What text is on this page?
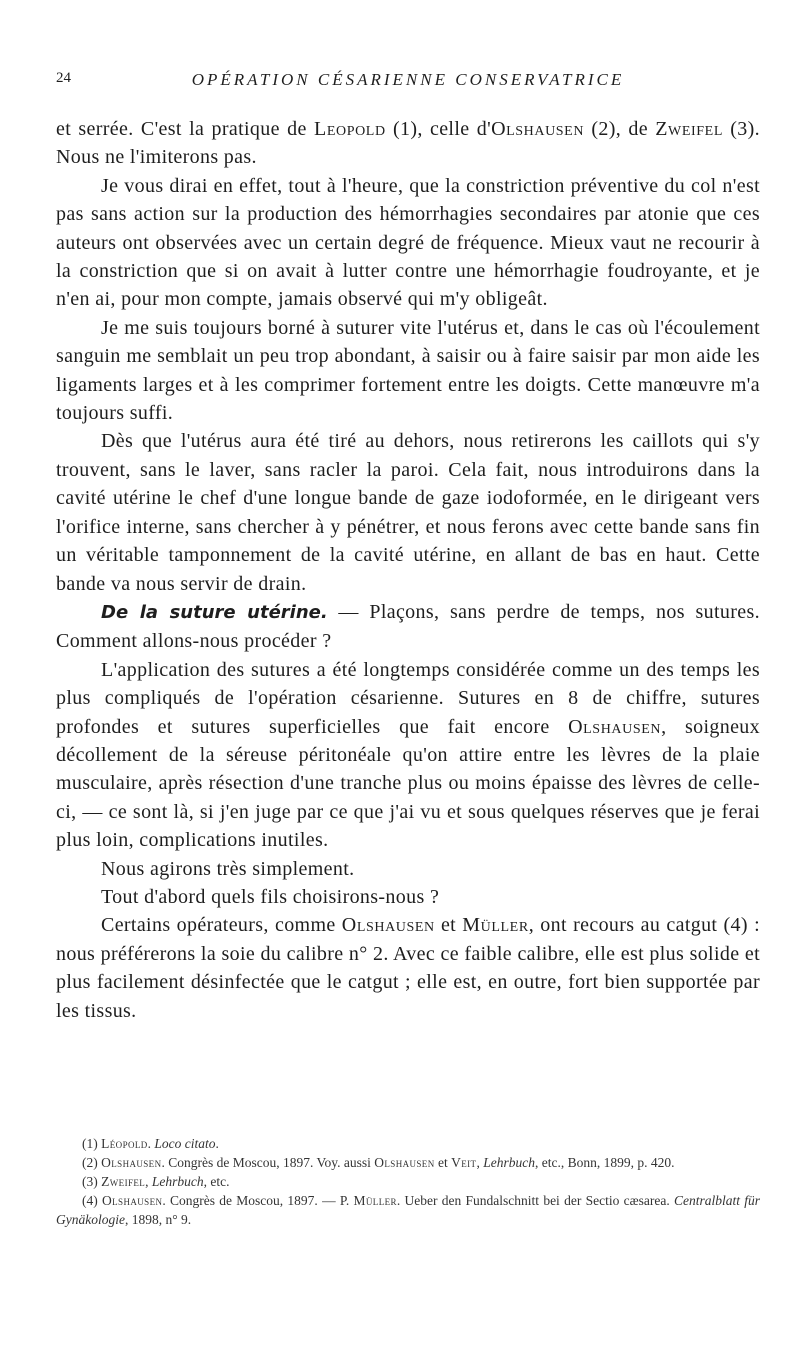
24	OPÉRATION CÉSARIENNE CONSERVATRICE

et serrée. C'est la pratique de Leopold (1), celle d'Olshausen (2), de Zweifel (3). Nous ne l'imiterons pas.

Je vous dirai en effet, tout à l'heure, que la constriction préventive du col n'est pas sans action sur la production des hémorrhagies secondaires par atonie que ces auteurs ont observées avec un certain degré de fréquence. Mieux vaut ne recourir à la constriction que si on avait à lutter contre une hémorrhagie foudroyante, et je n'en ai, pour mon compte, jamais observé qui m'y obligeât.

Je me suis toujours borné à suturer vite l'utérus et, dans le cas où l'écoulement sanguin me semblait un peu trop abondant, à saisir ou à faire saisir par mon aide les ligaments larges et à les comprimer fortement entre les doigts. Cette manœuvre m'a toujours suffi.

Dès que l'utérus aura été tiré au dehors, nous retirerons les caillots qui s'y trouvent, sans le laver, sans racler la paroi. Cela fait, nous introduirons dans la cavité utérine le chef d'une longue bande de gaze iodoformée, en le dirigeant vers l'orifice interne, sans chercher à y pénétrer, et nous ferons avec cette bande sans fin un véritable tamponnement de la cavité utérine, en allant de bas en haut. Cette bande va nous servir de drain.

De la suture utérine. — Plaçons, sans perdre de temps, nos sutures. Comment allons-nous procéder ?

L'application des sutures a été longtemps considérée comme un des temps les plus compliqués de l'opération césarienne. Sutures en 8 de chiffre, sutures profondes et sutures superficielles que fait encore Olshausen, soigneux décollement de la séreuse péritonéale qu'on attire entre les lèvres de la plaie musculaire, après résection d'une tranche plus ou moins épaisse des lèvres de celle-ci, — ce sont là, si j'en juge par ce que j'ai vu et sous quelques réserves que je ferai plus loin, complications inutiles.

Nous agirons très simplement.

Tout d'abord quels fils choisirons-nous ?

Certains opérateurs, comme Olshausen et Müller, ont recours au catgut (4) : nous préférerons la soie du calibre n° 2. Avec ce faible calibre, elle est plus solide et plus facilement désinfectée que le catgut ; elle est, en outre, fort bien supportée par les tissus.

(1) Léopold. Loco citato.

(2) Olshausen. Congrès de Moscou, 1897. Voy. aussi Olshausen et Veit, Lehrbuch, etc., Bonn, 1899, p. 420.

(3) Zweifel, Lehrbuch, etc.

(4) Olshausen. Congrès de Moscou, 1897. — P. Müller. Ueber den Fundalschnitt bei der Sectio cæsarea. Centralblatt für Gynäkologie, 1898, n° 9.
